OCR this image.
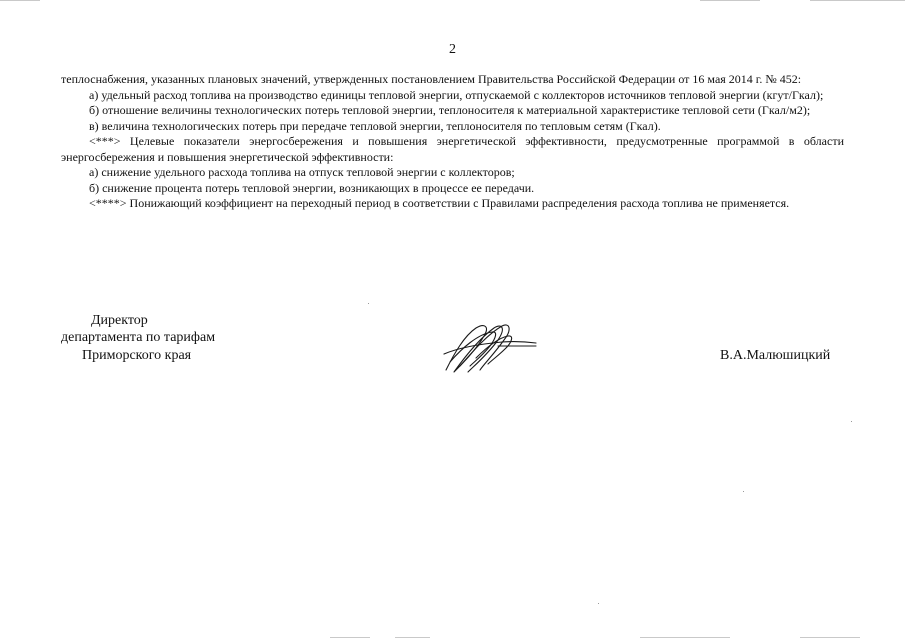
2

теплоснабжения, указанных плановых значений, утвержденных постановлением Правительства Российской Федерации от 16 мая 2014 г. № 452:

а) удельный расход топлива на производство единицы тепловой энергии, отпускаемой с коллекторов источников тепловой энергии (кгут/Гкал);

б) отношение величины технологических потерь тепловой энергии, теплоносителя к материальной характеристике тепловой сети (Гкал/м2);

в) величина технологических потерь при передаче тепловой энергии, теплоносителя по тепловым сетям (Гкал).

<***> Целевые показатели энергосбережения и повышения энергетической эффективности, предусмотренные программой в области энергосбережения и повышения энергетической эффективности:

а) снижение удельного расхода топлива на отпуск тепловой энергии с коллекторов;

б) снижение процента потерь тепловой энергии, возникающих в процессе ее передачи.

<****> Понижающий коэффициент на переходный период в соответствии с Правилами распределения расхода топлива не применяется.

Директор
департамента по тарифам
Приморского края	В.А.Малюшицкий
